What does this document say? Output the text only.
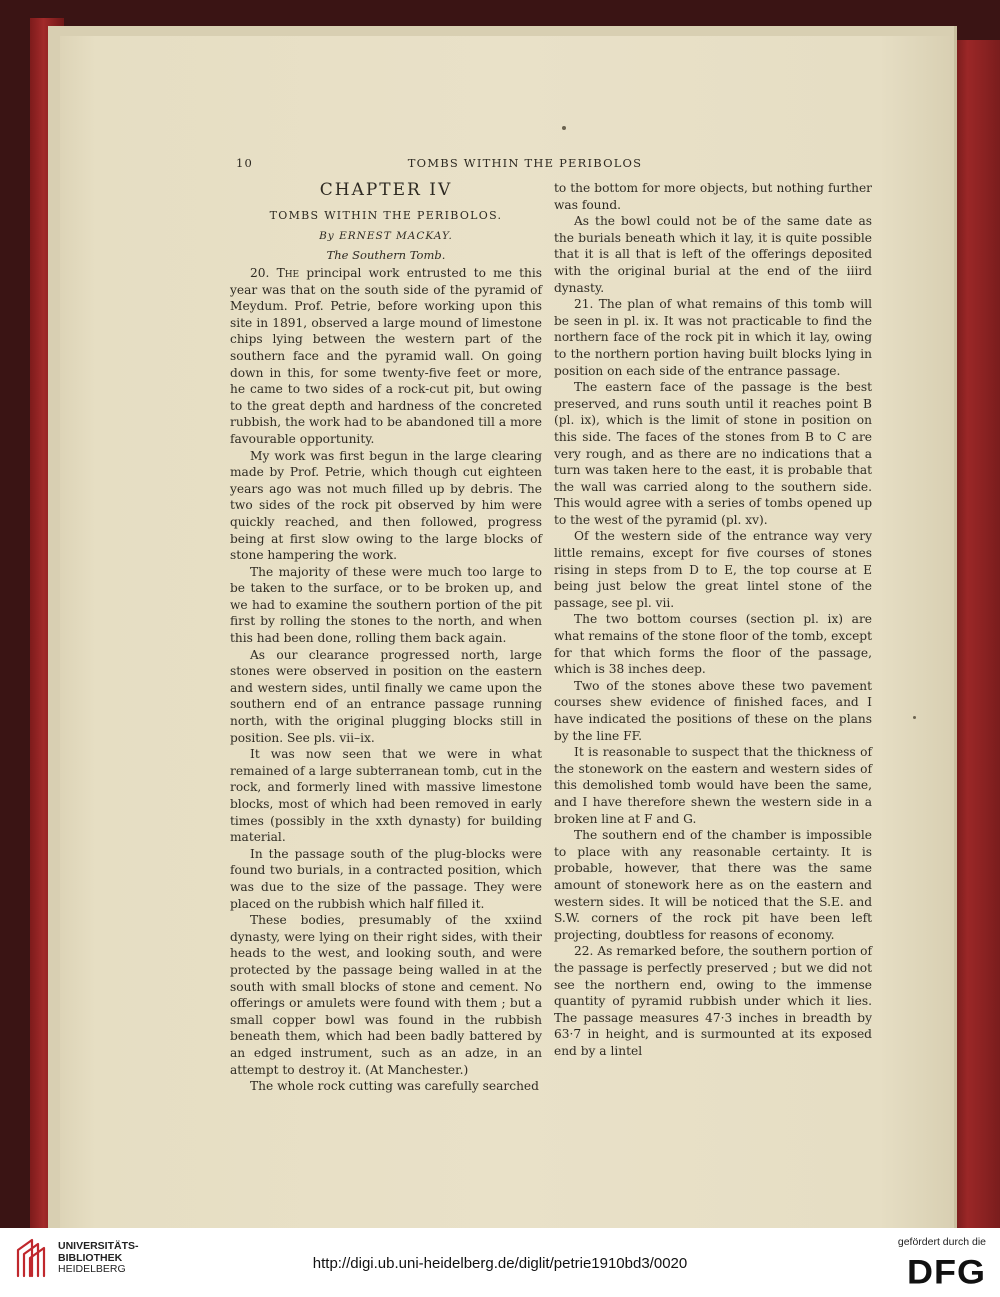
10	TOMBS WITHIN THE PERIBOLOS
CHAPTER IV
TOMBS WITHIN THE PERIBOLOS.
By ERNEST MACKAY.
The Southern Tomb.

20. The principal work entrusted to me this year was that on the south side of the pyramid of Meydum. Prof. Petrie, before working upon this site in 1891, observed a large mound of limestone chips lying between the western part of the southern face and the pyramid wall. On going down in this, for some twenty-five feet or more, he came to two sides of a rock-cut pit, but owing to the great depth and hardness of the concreted rubbish, the work had to be abandoned till a more favourable opportunity.

My work was first begun in the large clearing made by Prof. Petrie, which though cut eighteen years ago was not much filled up by debris. The two sides of the rock pit observed by him were quickly reached, and then followed, progress being at first slow owing to the large blocks of stone hampering the work.

The majority of these were much too large to be taken to the surface, or to be broken up, and we had to examine the southern portion of the pit first by rolling the stones to the north, and when this had been done, rolling them back again.

As our clearance progressed north, large stones were observed in position on the eastern and western sides, until finally we came upon the southern end of an entrance passage running north, with the original plugging blocks still in position. See pls. vii–ix.

It was now seen that we were in what remained of a large subterranean tomb, cut in the rock, and formerly lined with massive limestone blocks, most of which had been removed in early times (possibly in the xxth dynasty) for building material.

In the passage south of the plug-blocks were found two burials, in a contracted position, which was due to the size of the passage. They were placed on the rubbish which half filled it.

These bodies, presumably of the xxiind dynasty, were lying on their right sides, with their heads to the west, and looking south, and were protected by the passage being walled in at the south with small blocks of stone and cement. No offerings or amulets were found with them ; but a small copper bowl was found in the rubbish beneath them, which had been badly battered by an edged instrument, such as an adze, in an attempt to destroy it. (At Manchester.)

The whole rock cutting was carefully searched

to the bottom for more objects, but nothing further was found.

As the bowl could not be of the same date as the burials beneath which it lay, it is quite possible that it is all that is left of the offerings deposited with the original burial at the end of the iiird dynasty.

21. The plan of what remains of this tomb will be seen in pl. ix. It was not practicable to find the northern face of the rock pit in which it lay, owing to the northern portion having built blocks lying in position on each side of the entrance passage.

The eastern face of the passage is the best preserved, and runs south until it reaches point B (pl. ix), which is the limit of stone in position on this side. The faces of the stones from B to C are very rough, and as there are no indications that a turn was taken here to the east, it is probable that the wall was carried along to the southern side. This would agree with a series of tombs opened up to the west of the pyramid (pl. xv).

Of the western side of the entrance way very little remains, except for five courses of stones rising in steps from D to E, the top course at E being just below the great lintel stone of the passage, see pl. vii.

The two bottom courses (section pl. ix) are what remains of the stone floor of the tomb, except for that which forms the floor of the passage, which is 38 inches deep.

Two of the stones above these two pavement courses shew evidence of finished faces, and I have indicated the positions of these on the plans by the line FF.

It is reasonable to suspect that the thickness of the stonework on the eastern and western sides of this demolished tomb would have been the same, and I have therefore shewn the western side in a broken line at F and G.

The southern end of the chamber is impossible to place with any reasonable certainty. It is probable, however, that there was the same amount of stonework here as on the eastern and western sides. It will be noticed that the S.E. and S.W. corners of the rock pit have been left projecting, doubtless for reasons of economy.

22. As remarked before, the southern portion of the passage is perfectly preserved ; but we did not see the northern end, owing to the immense quantity of pyramid rubbish under which it lies. The passage measures 47·3 inches in breadth by 63·7 in height, and is surmounted at its exposed end by a lintel

UNIVERSITÄTS-
BIBLIOTHEK
HEIDELBERG	http://digi.ub.uni-heidelberg.de/diglit/petrie1910bd3/0020
gefördert durch die
DFG
